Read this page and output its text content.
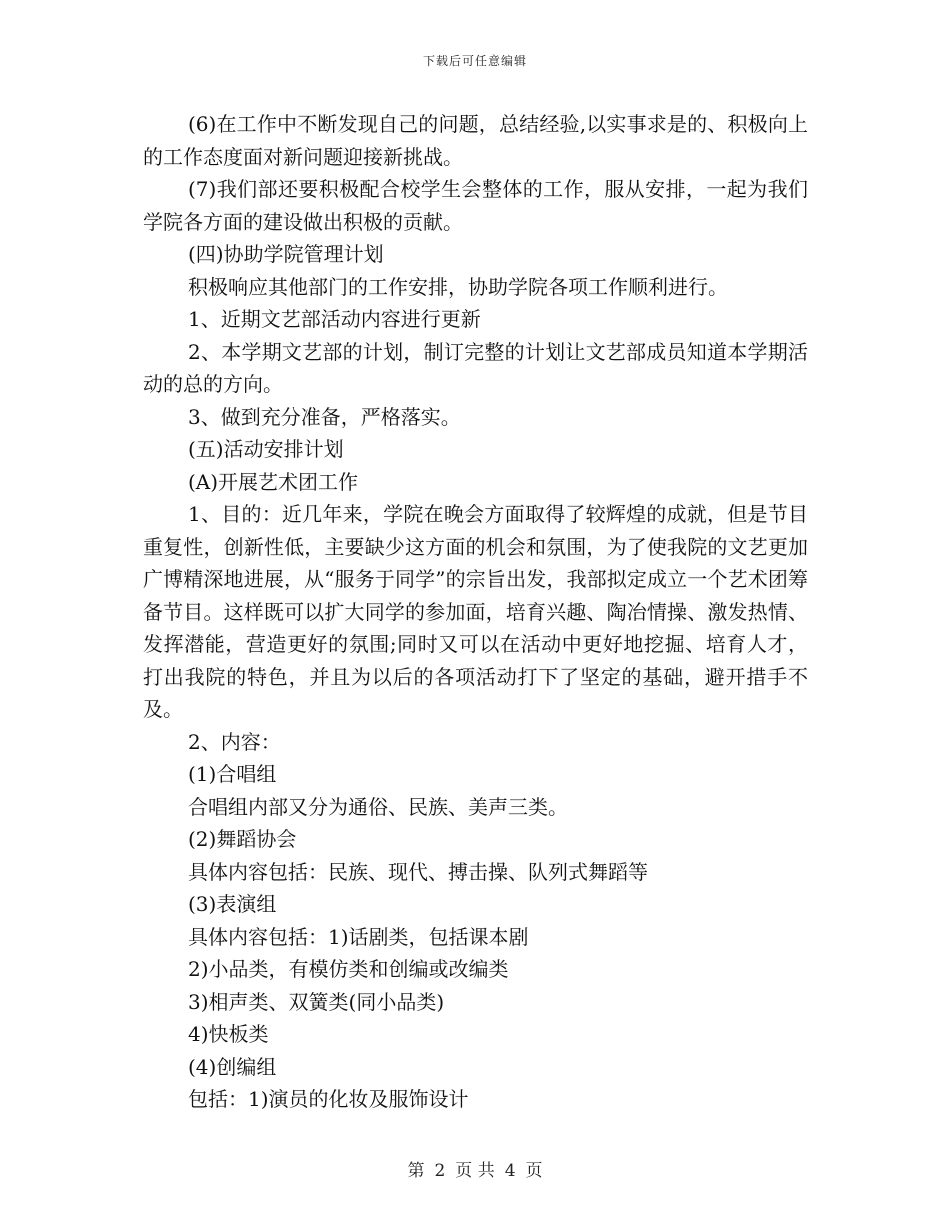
下载后可任意编辑

(6)在工作中不断发现自己的问题，总结经验,以实事求是的、积极向上的工作态度面对新问题迎接新挑战。

(7)我们部还要积极配合校学生会整体的工作，服从安排，一起为我们学院各方面的建设做出积极的贡献。

(四)协助学院管理计划

积极响应其他部门的工作安排，协助学院各项工作顺利进行。

1、近期文艺部活动内容进行更新

2、本学期文艺部的计划，制订完整的计划让文艺部成员知道本学期活动的总的方向。

3、做到充分准备，严格落实。

(五)活动安排计划

(A)开展艺术团工作

1、目的：近几年来，学院在晚会方面取得了较辉煌的成就，但是节目重复性，创新性低，主要缺少这方面的机会和氛围，为了使我院的文艺更加广博精深地进展，从“服务于同学”的宗旨出发，我部拟定成立一个艺术团筹备节目。这样既可以扩大同学的参加面，培育兴趣、陶冶情操、激发热情、发挥潜能，营造更好的氛围;同时又可以在活动中更好地挖掘、培育人才，打出我院的特色，并且为以后的各项活动打下了坚定的基础，避开措手不及。

2、内容：

(1)合唱组

合唱组内部又分为通俗、民族、美声三类。

(2)舞蹈协会

具体内容包括：民族、现代、搏击操、队列式舞蹈等

(3)表演组

具体内容包括：1)话剧类，包括课本剧

2)小品类，有模仿类和创编或改编类

3)相声类、双簧类(同小品类)

4)快板类

(4)创编组

包括：1)演员的化妆及服饰设计

第 2 页 共 4 页
